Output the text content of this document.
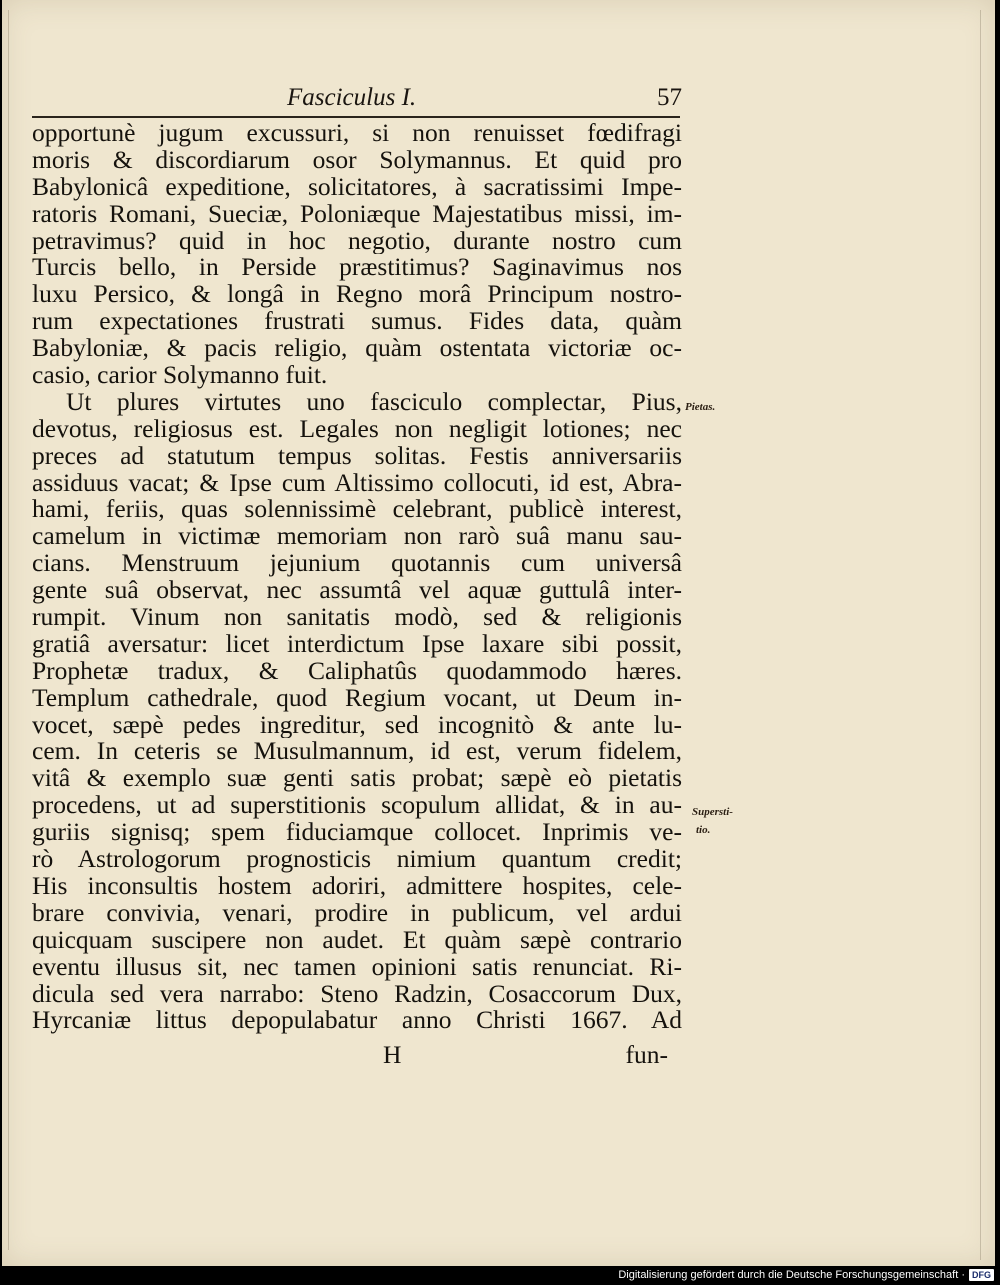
Fasciculus I.	57
opportunè jugum excussuri, si non renuisset fœdifragi
moris & discordiarum osor Solymannus. Et quid pro
Babylonicâ expeditione, solicitatores, à sacratissimi Impe-
ratoris Romani, Sueciæ, Poloniæque Majestatibus missi, im-
petravimus? quid in hoc negotio, durante nostro cum
Turcis bello, in Perside præstitimus? Saginavimus nos
luxu Persico, & longâ in Regno morâ Principum nostro-
rum expectationes frustrati sumus. Fides data, quàm
Babyloniæ, & pacis religio, quàm ostentata victoriæ oc-
casio, carior Solymanno fuit.
Ut plures virtutes uno fasciculo complectar, Pius,
devotus, religiosus est. Legales non negligit lotiones; nec
preces ad statutum tempus solitas. Festis anniversariis
assiduus vacat; & Ipse cum Altissimo collocuti, id est, Abra-
hami, feriis, quas solennissimè celebrant, publicè interest,
camelum in victimæ memoriam non rarò suâ manu sau-
cians. Menstruum jejunium quotannis cum universâ
gente suâ observat, nec assumtâ vel aquæ guttulâ inter-
rumpit. Vinum non sanitatis modò, sed & religionis
gratiâ aversatur: licet interdictum Ipse laxare sibi possit,
Prophetæ tradux, & Caliphatûs quodammodo hæres.
Templum cathedrale, quod Regium vocant, ut Deum in-
vocet, sæpè pedes ingreditur, sed incognitò & ante lu-
cem. In ceteris se Musulmannum, id est, verum fidelem,
vitâ & exemplo suæ genti satis probat; sæpè eò pietatis
procedens, ut ad superstitionis scopulum allidat, & in au-
guriis signisq; spem fiduciamque collocet. Inprimis ve-
rò Astrologorum prognosticis nimium quantum credit;
His inconsultis hostem adoriri, admittere hospites, cele-
brare convivia, venari, prodire in publicum, vel ardui
quicquam suscipere non audet. Et quàm sæpè contrario
eventu illusus sit, nec tamen opinioni satis renunciat. Ri-
dicula sed vera narrabo: Steno Radzin, Cosaccorum Dux,
Hyrcaniæ littus depopulabatur anno Christi 1667. Ad
Pietas.
Supersti-
tio.
H	fun-
Digitalisierung gefördert durch die Deutsche Forschungsgemeinschaft · DFG
